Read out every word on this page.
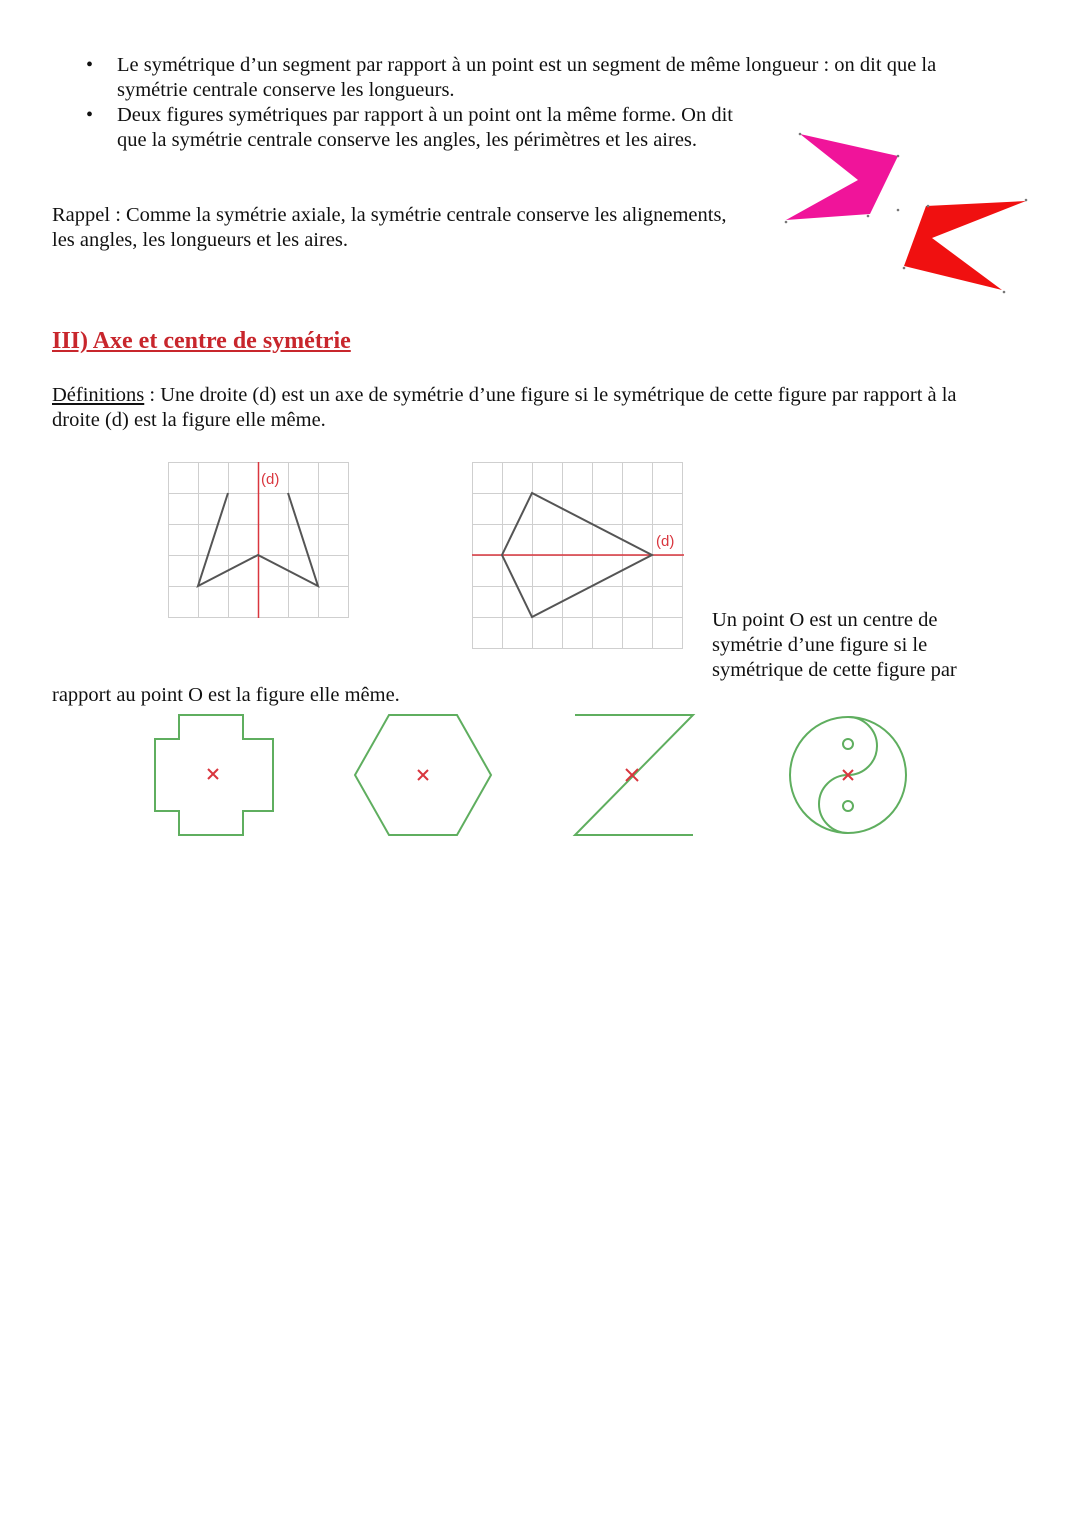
• Le symétrique d’un segment par rapport à un point est un segment de même longueur : on dit que la
symétrie centrale conserve les longueurs.
• Deux figures symétriques par rapport à un point ont la même forme. On dit
que la symétrie centrale conserve les angles, les périmètres et les aires.
Rappel : Comme la symétrie axiale, la symétrie centrale conserve les alignements,
les angles, les longueurs et les aires.
III) Axe et centre de symétrie
Définitions : Une droite (d) est un axe de symétrie d’une figure si le symétrique de cette figure par rapport à la
droite (d) est la figure elle même.
(d)
(d)
Un point O est un centre de
symétrie d’une figure si le
symétrique de cette figure par
rapport au point O est la figure elle même.
